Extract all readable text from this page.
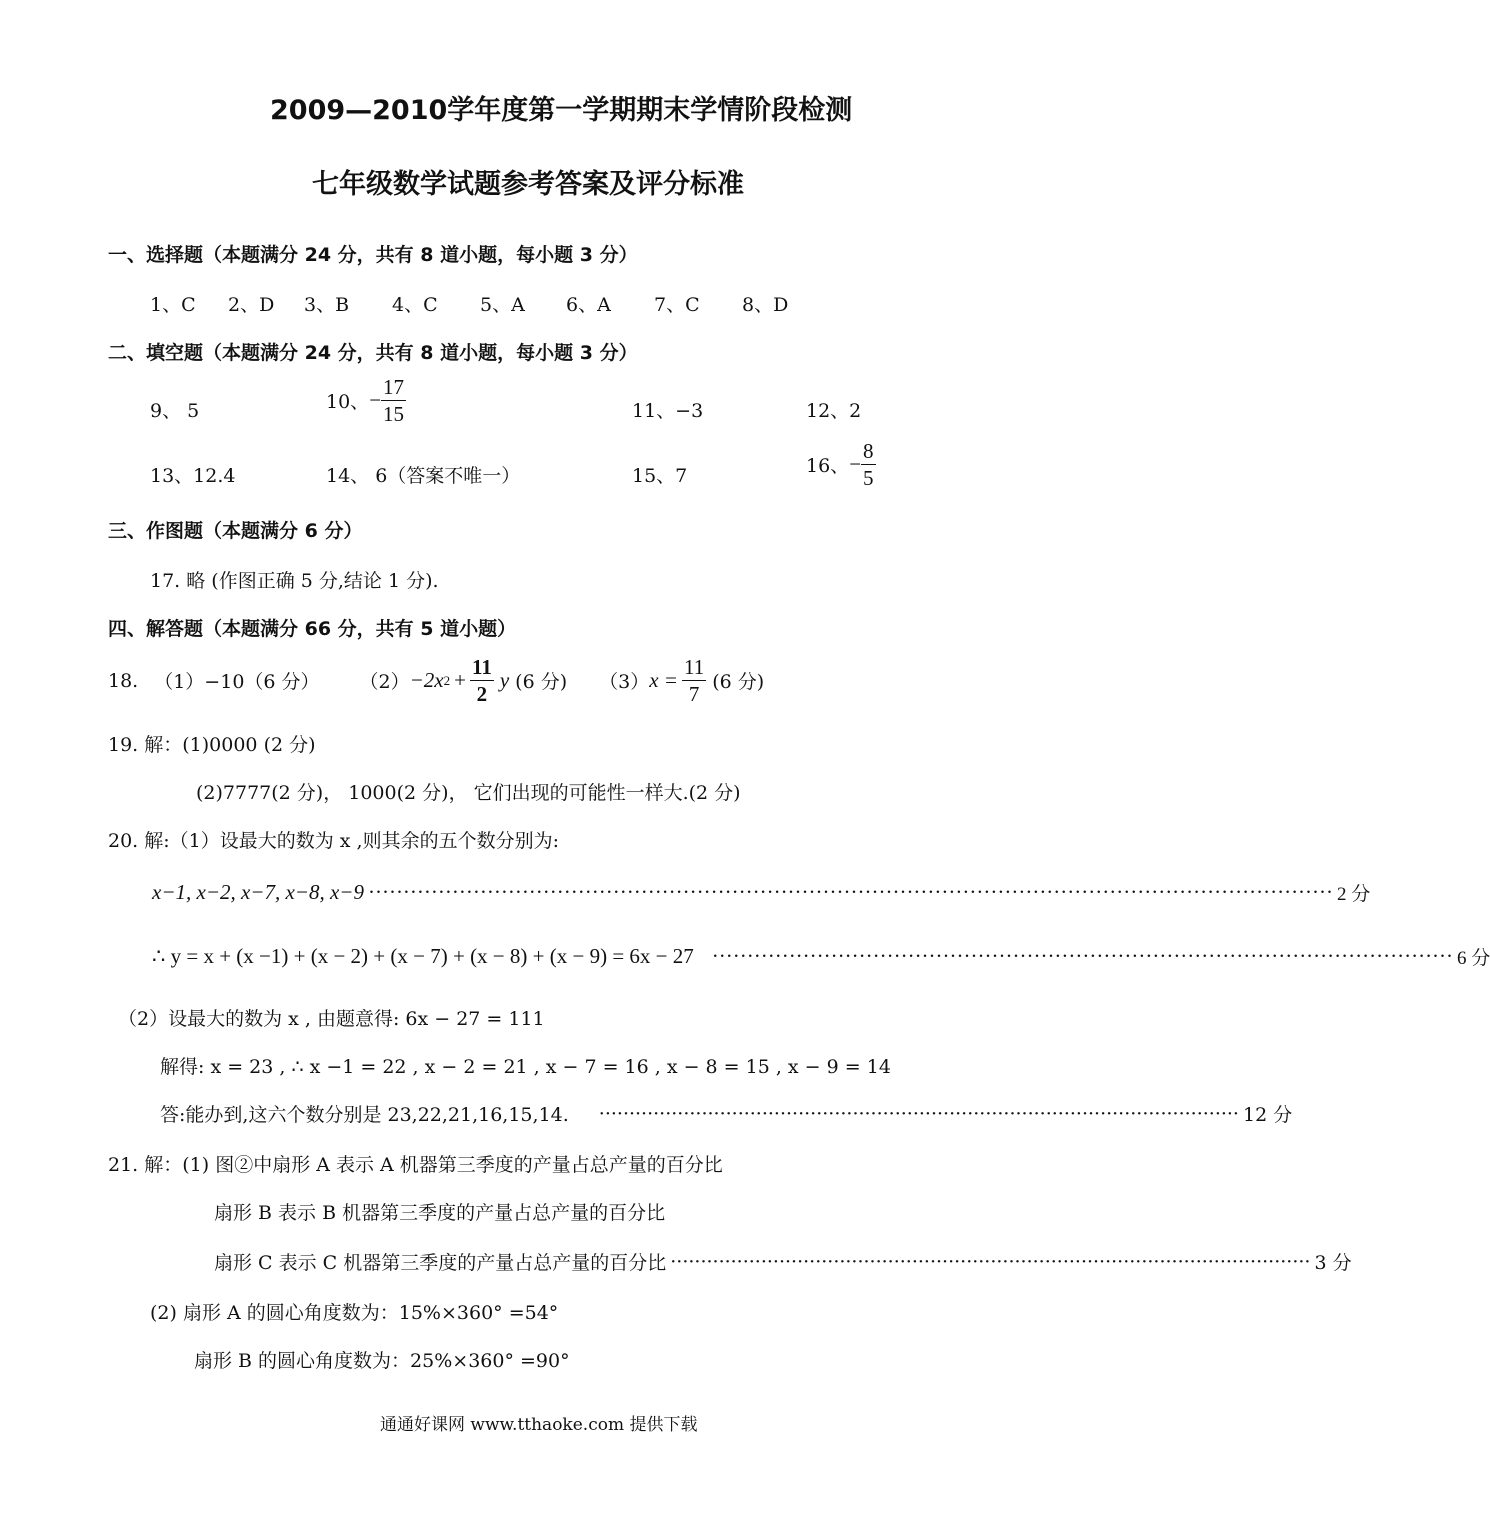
2009—2010学年度第一学期期末学情阶段检测
七年级数学试题参考答案及评分标准
一、选择题（本题满分 24 分，共有 8 道小题，每小题 3 分）
1、C 2、D 3、B 4、C 5、A 6、A 7、C 8、D
二、填空题（本题满分 24 分，共有 8 道小题，每小题 3 分）
9、 5	10、 − $\frac{17}{15}$	11、−3	12、2
13、12.4	14、 6（答案不唯一）	15、7	16、 − $\frac{8}{5}$
三、作图题（本题满分 6 分）
17. 略 (作图正确 5 分,结论 1 分).
四、解答题（本题满分 66 分，共有 5 道小题）
18. （1）−10（6 分） （2） −2x $2 + \frac{11}{2}$ y (6 分) （3） $x = \frac{11}{7} (6$ 分)
19. 解：(1)0000 (2 分)
(2)7777(2 分)， 1000(2 分)， 它们出现的可能性一样大.(2 分)
20. 解:（1）设最大的数为 x ,则其余的五个数分别为:
x−1, x−2, x−7, x−8, x−9 ·········································································································································· 2 分
∴ y = x + (x −1) + (x − 2) + (x − 7) + (x − 8) + (x − 9) = 6x − 27 ·········································································································· 6 分
（2）设最大的数为 x , 由题意得: 6x − 27 = 111
解得: x = 23 , ∴ x −1 = 22 , x − 2 = 21 , x − 7 = 16 , x − 8 = 15 , x − 9 = 14
答:能办到,这六个数分别是 23,22,21,16,15,14. ·········································································································· 12 分
21. 解：(1) 图②中扇形 A 表示 A 机器第三季度的产量占总产量的百分比
扇形 B 表示 B 机器第三季度的产量占总产量的百分比
扇形 C 表示 C 机器第三季度的产量占总产量的百分比 ·········································································································· 3 分
(2) 扇形 A 的圆心角度数为：15%×360° =54°
扇形 B 的圆心角度数为：25%×360° =90°
通通好课网 www.tthaoke.com 提供下载
